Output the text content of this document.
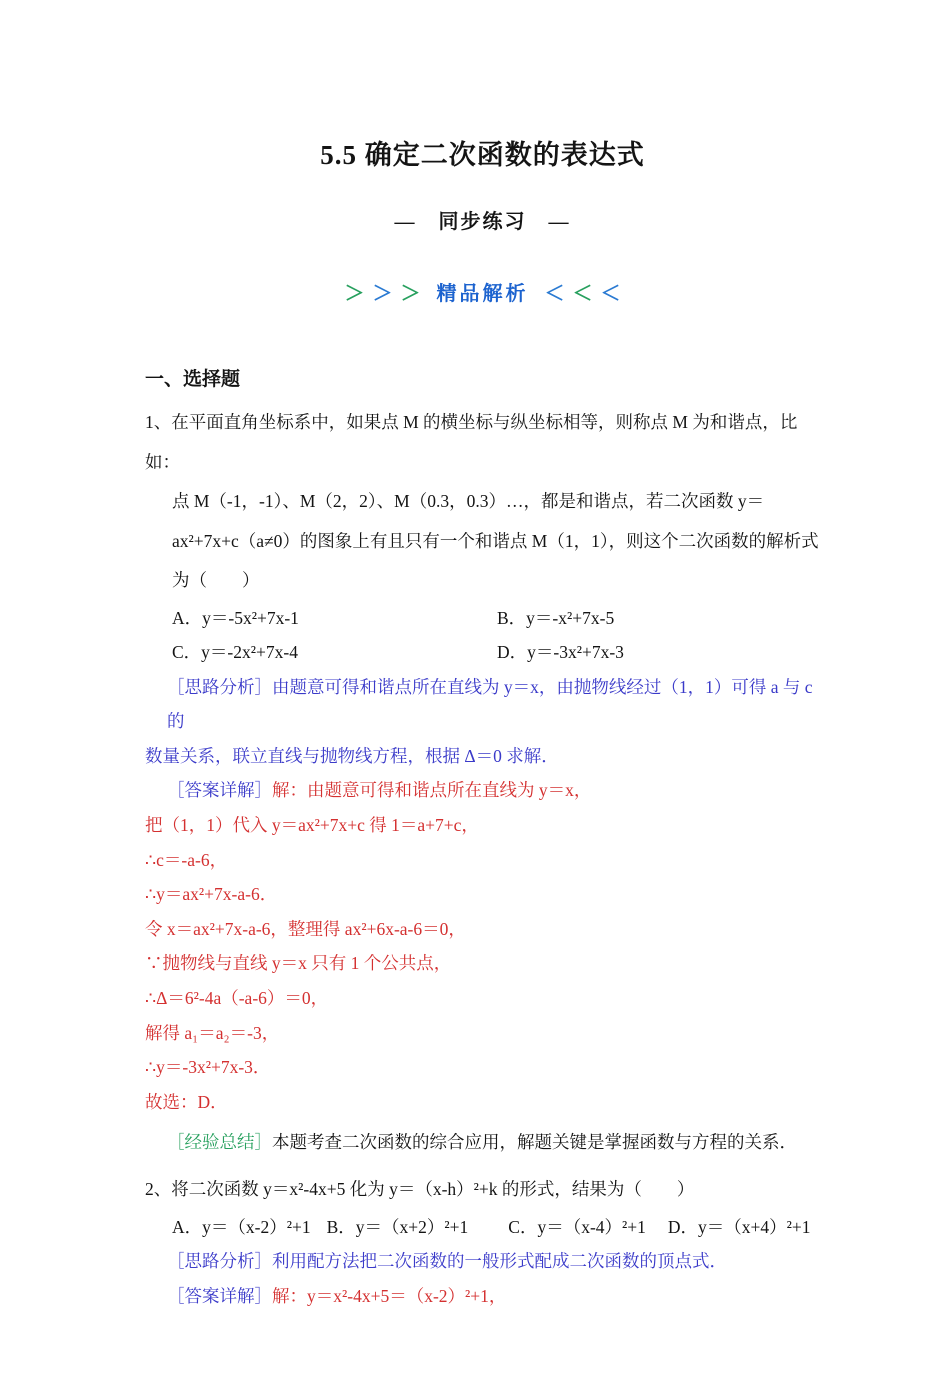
5.5 确定二次函数的表达式
—　同步练习　—
＞ ＞ ＞ 精品解析 ＜ ＜ ＜
一、选择题

1、在平面直角坐标系中，如果点 M 的横坐标与纵坐标相等，则称点 M 为和谐点，比如：

点 M（-1，-1）、M（2，2）、M（0.3，0.3）…，都是和谐点，若二次函数 y＝

ax²+7x+c（a≠0）的图象上有且只有一个和谐点 M（1，1），则这个二次函数的解析式

为（　　）

A．y＝-5x²+7x-1	B．y＝-x²+7x-5
C．y＝-2x²+7x-4	D．y＝-3x²+7x-3

［思路分析］由题意可得和谐点所在直线为 y＝x，由抛物线经过（1，1）可得 a 与 c 的

数量关系，联立直线与抛物线方程，根据 Δ＝0 求解．

［答案详解］解：由题意可得和谐点所在直线为 y＝x，

把（1，1）代入 y＝ax²+7x+c 得 1＝a+7+c，

∴c＝-a-6，

∴y＝ax²+7x-a-6．

令 x＝ax²+7x-a-6，整理得 ax²+6x-a-6＝0，

∵抛物线与直线 y＝x 只有 1 个公共点，

∴Δ＝6²-4a（-a-6）＝0，

解得 a₁＝a₂＝-3，

∴y＝-3x²+7x-3．

故选：D．

［经验总结］本题考查二次函数的综合应用，解题关键是掌握函数与方程的关系．

2、将二次函数 y＝x²-4x+5 化为 y＝（x-h）²+k 的形式，结果为（　　）

A．y＝（x-2）²+1 B．y＝（x+2）²+1 C．y＝（x-4）²+1 D．y＝（x+4）²+1

［思路分析］利用配方法把二次函数的一般形式配成二次函数的顶点式．

［答案详解］解：y＝x²-4x+5＝（x-2）²+1，
